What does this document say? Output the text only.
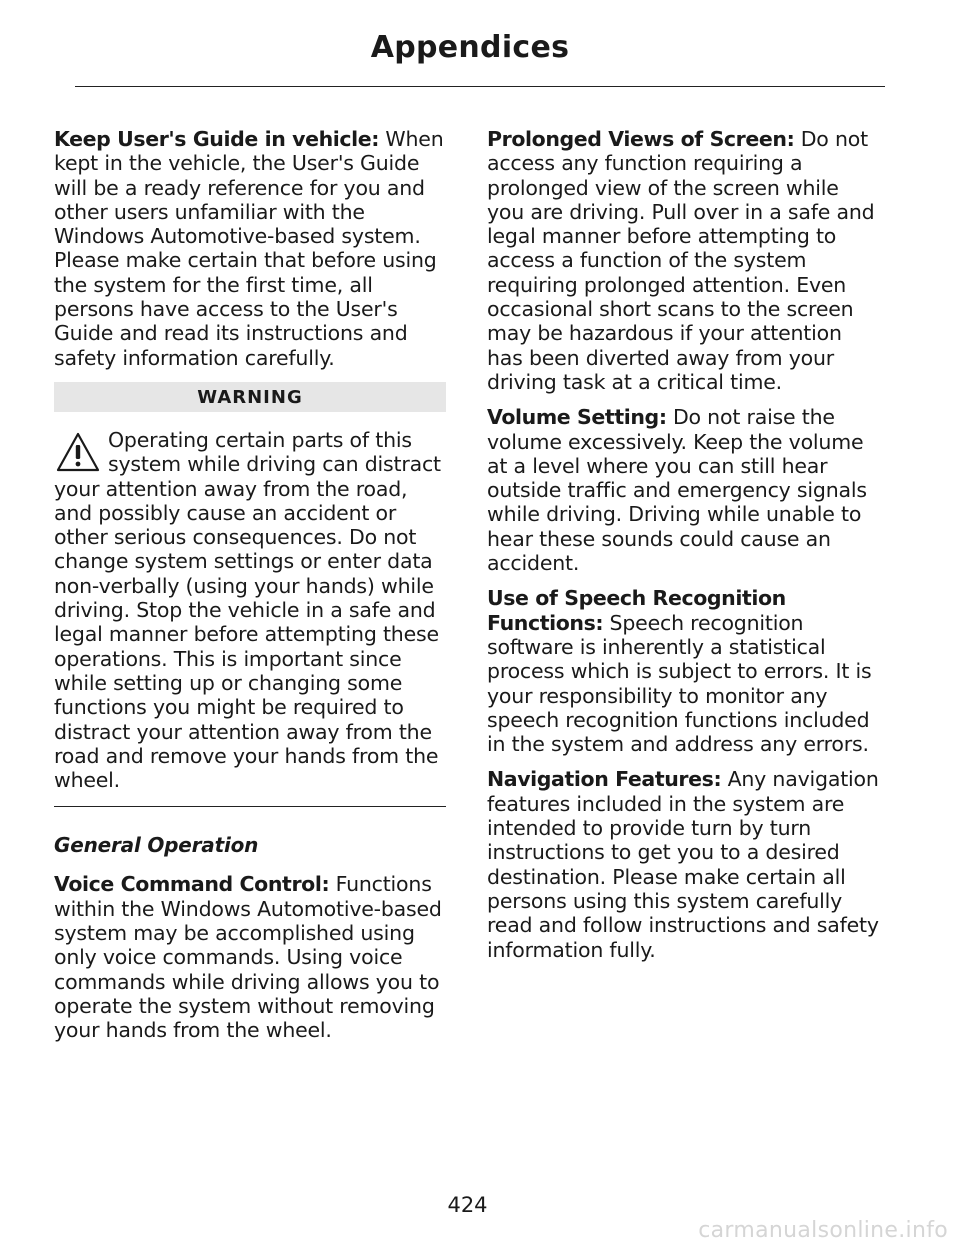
Appendices

Keep User's Guide in vehicle: When kept in the vehicle, the User's Guide will be a ready reference for you and other users unfamiliar with the Windows Automotive-based system. Please make certain that before using the system for the first time, all persons have access to the User's Guide and read its instructions and safety information carefully.

WARNING
Operating certain parts of this system while driving can distract your attention away from the road, and possibly cause an accident or other serious consequences. Do not change system settings or enter data non-verbally (using your hands) while driving. Stop the vehicle in a safe and legal manner before attempting these operations. This is important since while setting up or changing some functions you might be required to distract your attention away from the road and remove your hands from the wheel.
General Operation

Voice Command Control: Functions within the Windows Automotive-based system may be accomplished using only voice commands. Using voice commands while driving allows you to operate the system without removing your hands from the wheel.

Prolonged Views of Screen: Do not access any function requiring a prolonged view of the screen while you are driving. Pull over in a safe and legal manner before attempting to access a function of the system requiring prolonged attention. Even occasional short scans to the screen may be hazardous if your attention has been diverted away from your driving task at a critical time.

Volume Setting: Do not raise the volume excessively. Keep the volume at a level where you can still hear outside traffic and emergency signals while driving. Driving while unable to hear these sounds could cause an accident.

Use of Speech Recognition Functions: Speech recognition software is inherently a statistical process which is subject to errors. It is your responsibility to monitor any speech recognition functions included in the system and address any errors.

Navigation Features: Any navigation features included in the system are intended to provide turn by turn instructions to get you to a desired destination. Please make certain all persons using this system carefully read and follow instructions and safety information fully.

424
carmanualsonline.info
